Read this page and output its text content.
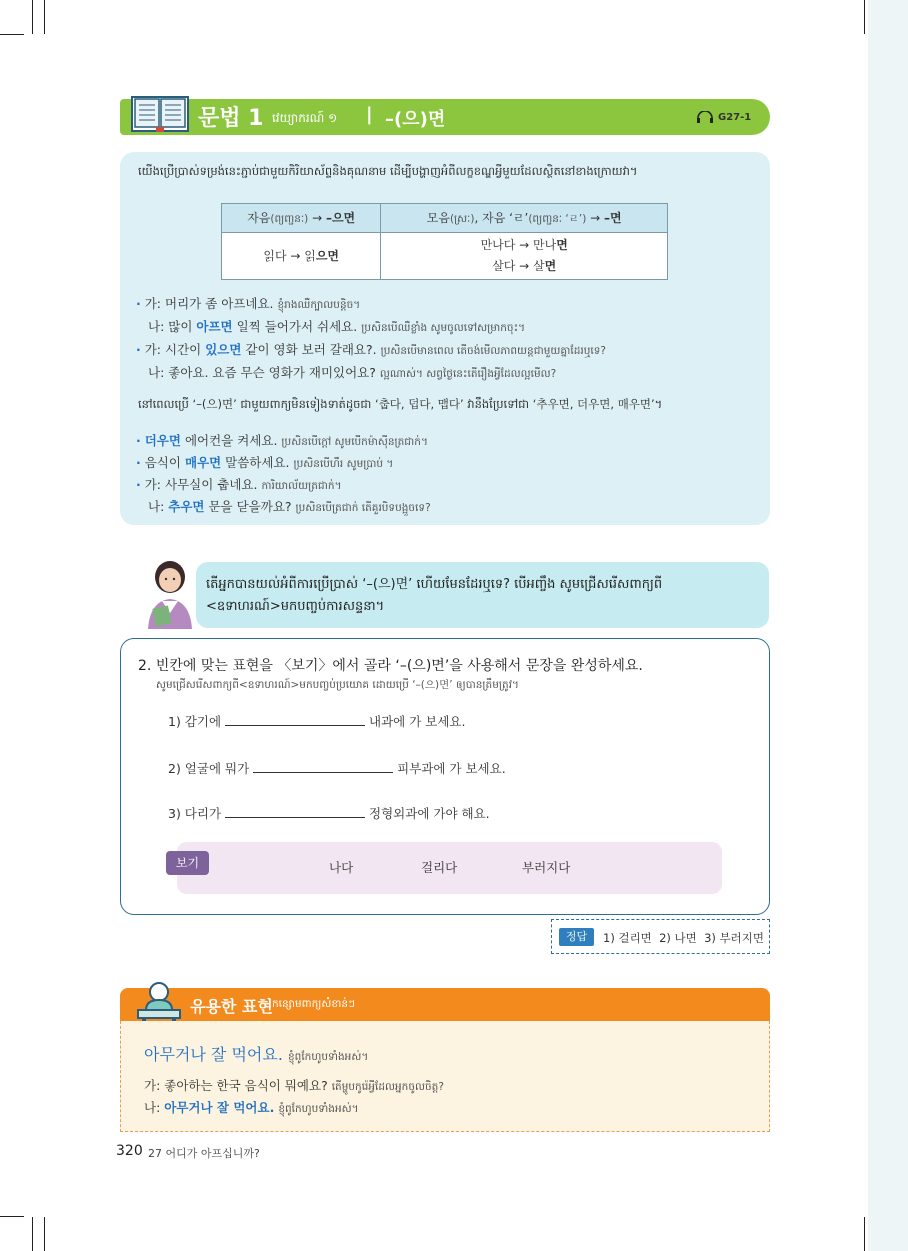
문법 1 វេយ្យាករណ៍ ១ | –(으)면	G27-1
យើងប្រើប្រាស់ទម្រង់នេះភ្ជាប់ជាមួយកិរិយាស័ព្ទនិងគុណនាម ដើម្បីបង្ហាញអំពីលក្ខខណ្ឌអ្វីមួយដែលស្ថិតនៅខាងក្រោយវា។
자음(ព្យញ្ជនៈ) → –으면	모음(ស្រៈ), 자음 ‘ㄹ’(ព្យញ្ជនៈ ‘ㄹ’) → –면
읽다 → 읽으면	만나다 → 만나면
살다 → 살면
· 가: 머리가 좀 아프네요. ខ្ញុំរាងឈឺក្បាលបន្តិច។
나: 많이 아프면 일찍 들어가서 쉬세요. ប្រសិនបើឈឺខ្លាំង សូមចូលទៅសម្រាកចុះ។
· 가: 시간이 있으면 같이 영화 보러 갈래요?. ប្រសិនបើមានពេល តើចង់មើលភាពយន្តជាមួយគ្នាដែរឬទេ?
나: 좋아요. 요즘 무슨 영화가 재미있어요? ល្អណាស់។ សព្វថ្ងៃនេះតើរឿងអ្វីដែលល្អមើល?
នៅពេលប្រើ ‘–(으)면’ ជាមួយពាក្យមិនទៀងទាត់ដូចជា ‘춥다, 덥다, 맵다’ វានឹងប្រែទៅជា ‘추우면, 더우면, 매우면’។
· 더우면 에어컨을 켜세요. ប្រសិនបើក្តៅ សូមបើកម៉ាស៊ីនត្រជាក់។
· 음식이 매우면 말씀하세요. ប្រសិនបើហឹរ សូមប្រាប់ ។
· 가: 사무실이 춥네요. ការិយាល័យត្រជាក់។
나: 추우면 문을 닫을까요? ប្រសិនបើត្រជាក់ តើគួរបិទបង្អួចទេ?
តើអ្នកបានយល់អំពីការប្រើប្រាស់ ‘–(으)면’ ហើយមែនដែរឬទេ? បើអញ្ចឹង សូមជ្រើសរើសពាក្យពី
<ឧទាហរណ៍>មកបញ្ចប់ការសន្ទនា។
2. 빈칸에 맞는 표현을 〈보기〉에서 골라 ‘–(으)면’을 사용해서 문장을 완성하세요.
សូមជ្រើសរើសពាក្យពី<ឧទាហរណ៍>មកបញ្ចប់ប្រយោគ ដោយប្រើ ‘–(으)면’ ឲ្យបានត្រឹមត្រូវ។
1) 감기에	내과에 가 보세요.
2) 얼굴에 뭐가	피부과에 가 보세요.
3) 다리가	정형외과에 가야 해요.
보기	나다	걸리다	부러지다
정답	1) 걸리면  2) 나면  3) 부러지면
유용한 표현 កន្សោមពាក្យសំខាន់ៗ
아무거나 잘 먹어요. ខ្ញុំពូកែហូបទាំងអស់។
가: 좋아하는 한국 음식이 뭐예요? តើម្ហូបកូរ៉េអ្វីដែលអ្នកចូលចិត្ត?
나: 아무거나 잘 먹어요. ខ្ញុំពូកែហូបទាំងអស់។
320 27 어디가 아프십니까?
